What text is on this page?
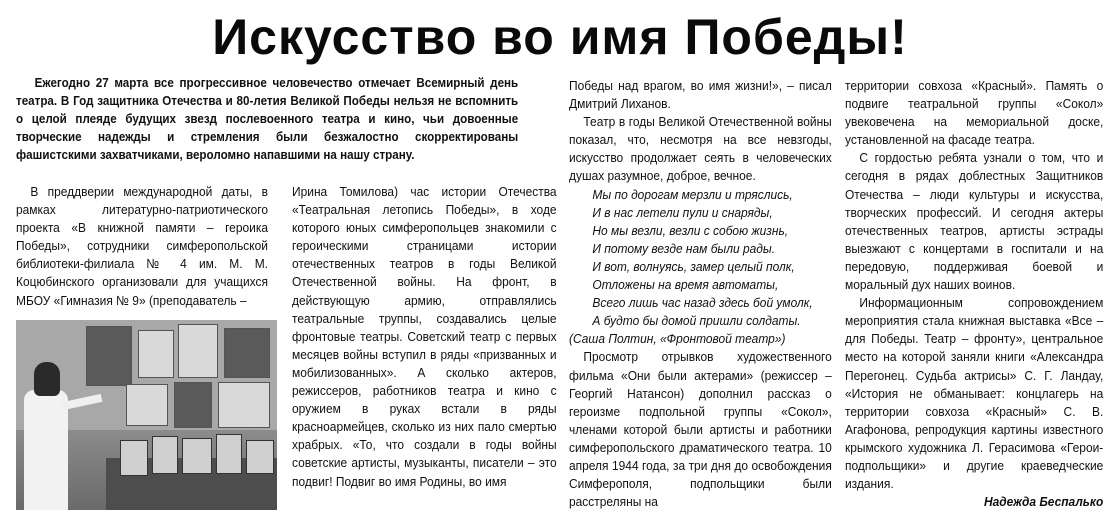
Искусство во имя Победы!
Ежегодно 27 марта все прогрессивное человечество отмечает Всемирный день театра. В Год защитника Отечества и 80-летия Великой Победы нельзя не вспомнить о целой плеяде будущих звезд послевоенного театра и кино, чьи довоенные творческие надежды и стремления были безжалостно скорректированы фашистскими захватчиками, вероломно напавшими на нашу страну.

В преддверии международной даты, в рамках литературно-патриотического проекта «В книжной памяти – героика Победы», сотрудники симферопольской библиотеки-филиала № 4 им. М. М. Коцюбинского организовали для учащихся МБОУ «Гимназия № 9» (преподаватель –

Ирина Томилова) час истории Отечества «Театральная летопись Победы», в ходе которого юных симферопольцев знакомили с героическими страницами истории отечественных театров в годы Великой Отечественной войны. На фронт, в действующую армию, отправлялись театральные труппы, создавались целые фронтовые театры. Советский театр с первых месяцев войны вступил в ряды «призванных и мобилизованных». А сколько актеров, режиссеров, работников театра и кино с оружием в руках встали в ряды красноармейцев, сколько из них пало смертью храбрых. «То, что создали в годы войны советские артисты, музыканты, писатели – это подвиг! Подвиг во имя Родины, во имя

Победы над врагом, во имя жизни!», – писал Дмитрий Лиханов.

Театр в годы Великой Отечественной войны показал, что, несмотря на все невзгоды, искусство продолжает сеять в человеческих душах разумное, доброе, вечное.

Мы по дорогам мерзли и тряслись,
И в нас летели пули и снаряды,
Но мы везли, везли с собою жизнь,
И потому везде нам были рады.
И вот, волнуясь, замер целый полк,
Отложены на время автоматы,
Всего лишь час назад здесь бой умолк,
А будто бы домой пришли солдаты.
(Саша Полтин, «Фронтовой театр»)

Просмотр отрывков художественного фильма «Они были актерами» (режиссер – Георгий Натансон) дополнил рассказ о героизме подпольной группы «Сокол», членами которой были артисты и работники симферопольского драматического театра. 10 апреля 1944 года, за три дня до освобождения Симферополя, подпольщики были расстреляны на

территории совхоза «Красный». Память о подвиге театральной группы «Сокол» увековечена на мемориальной доске, установленной на фасаде театра.

С гордостью ребята узнали о том, что и сегодня в рядах доблестных Защитников Отечества – люди культуры и искусства, творческих профессий. И сегодня актеры отечественных театров, артисты эстрады выезжают с концертами в госпитали и на передовую, поддерживая боевой и моральный дух наших воинов.

Информационным сопровождением мероприятия стала книжная выставка «Все – для Победы. Театр – фронту», центральное место на которой заняли книги «Александра Перегонец. Судьба актрисы» С. Г. Ландау, «История не обманывает: концлагерь на территории совхоза «Красный» С. В. Агафонова, репродукция картины известного крымского художника Л. Герасимова «Герои-подпольщики» и другие краеведческие издания.

Надежда Беспалько
